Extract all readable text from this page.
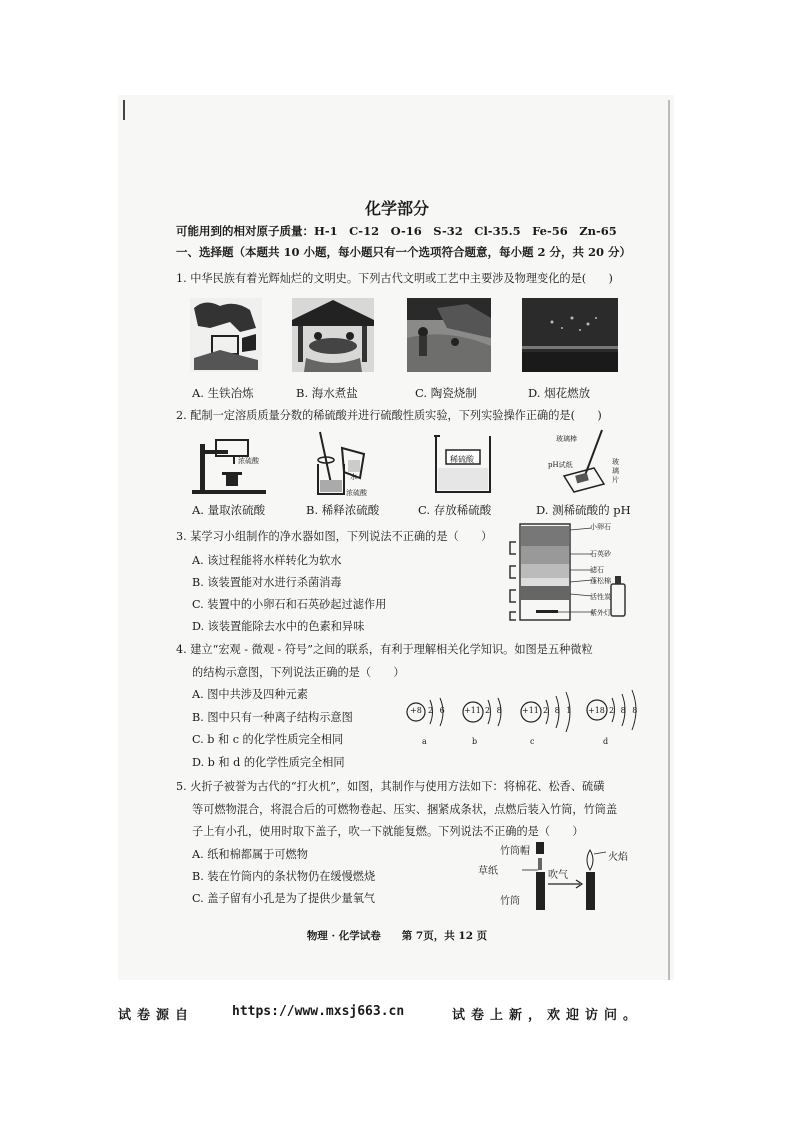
化学部分
可能用到的相对原子质量：H-1　C-12　O-16　S-32　Cl-35.5　Fe-56　Zn-65
一、选择题（本题共 10 小题，每小题只有一个选项符合题意，每小题 2 分，共 20 分）
1. 中华民族有着光辉灿烂的文明史。下列古代文明或工艺中主要涉及物理变化的是(　　)
A. 生铁冶炼	B. 海水煮盐	C. 陶瓷烧制	D. 烟花燃放
2. 配制一定溶质质量分数的稀硫酸并进行硫酸性质实验，下列实验操作正确的是(　　)
浓硫酸
水
浓硫酸
稀硫酸
玻璃棒
pH试纸	玻
璃
片
A. 量取浓硫酸	B. 稀释浓硫酸	C. 存放稀硫酸	D. 测稀硫酸的 pH
3. 某学习小组制作的净水器如图，下列说法不正确的是（　　）
A. 该过程能将水样转化为软水
B. 该装置能对水进行杀菌消毒
C. 装置中的小卵石和石英砂起过滤作用
D. 该装置能除去水中的色素和异味
小卵石
石英砂
滤石
蓬松棉
活性炭
紫外灯
4. 建立“宏观 - 微观 - 符号”之间的联系，有利于理解相关化学知识。如图是五种微粒
的结构示意图，下列说法正确的是（　　）
A. 图中共涉及四种元素
B. 图中只有一种离子结构示意图
C. b 和 c 的化学性质完全相同
D. b 和 d 的化学性质完全相同
+8 2 6
a
+11 2 8
b
+11 2 8 1
c
+18 2 8 8
d
5. 火折子被誉为古代的“打火机”，如图，其制作与使用方法如下：将棉花、松香、硫磺
等可燃物混合，将混合后的可燃物卷起、压实、捆紧成条状，点燃后装入竹筒，竹筒盖
子上有小孔，使用时取下盖子，吹一下就能复燃。下列说法不正确的是（　　）
A. 纸和棉都属于可燃物
B. 装在竹筒内的条状物仍在缓慢燃烧
C. 盖子留有小孔是为了提供少量氧气
竹筒帽
草纸
竹筒
吹气
火焰
物理 · 化学试卷　　第 7页，共 12 页
试卷源自	https://www.mxsj663.cn	试卷上新，欢迎访问。
